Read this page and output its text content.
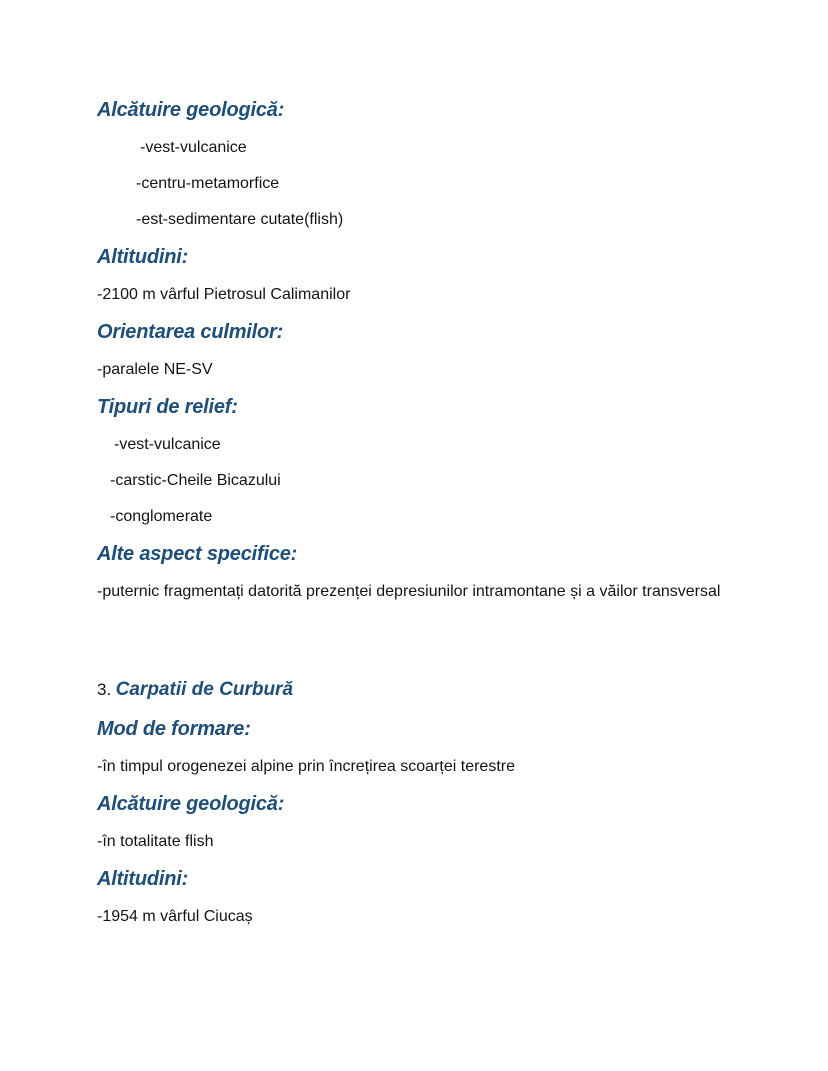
Alcătuire geologică:
-vest-vulcanice
-centru-metamorfice
-est-sedimentare cutate(flish)
Altitudini:
-2100 m vârful Pietrosul Calimanilor
Orientarea culmilor:
-paralele NE-SV
Tipuri de relief:
-vest-vulcanice
-carstic-Cheile Bicazului
-conglomerate
Alte aspect specifice:
-puternic fragmentați datorită prezenței depresiunilor intramontane și a văilor transversal
3. Carpatii de Curbură
Mod de formare:
-în timpul orogenezei alpine prin încrețirea scoarței terestre
Alcătuire geologică:
-în totalitate flish
Altitudini:
-1954 m vârful Ciucaș
